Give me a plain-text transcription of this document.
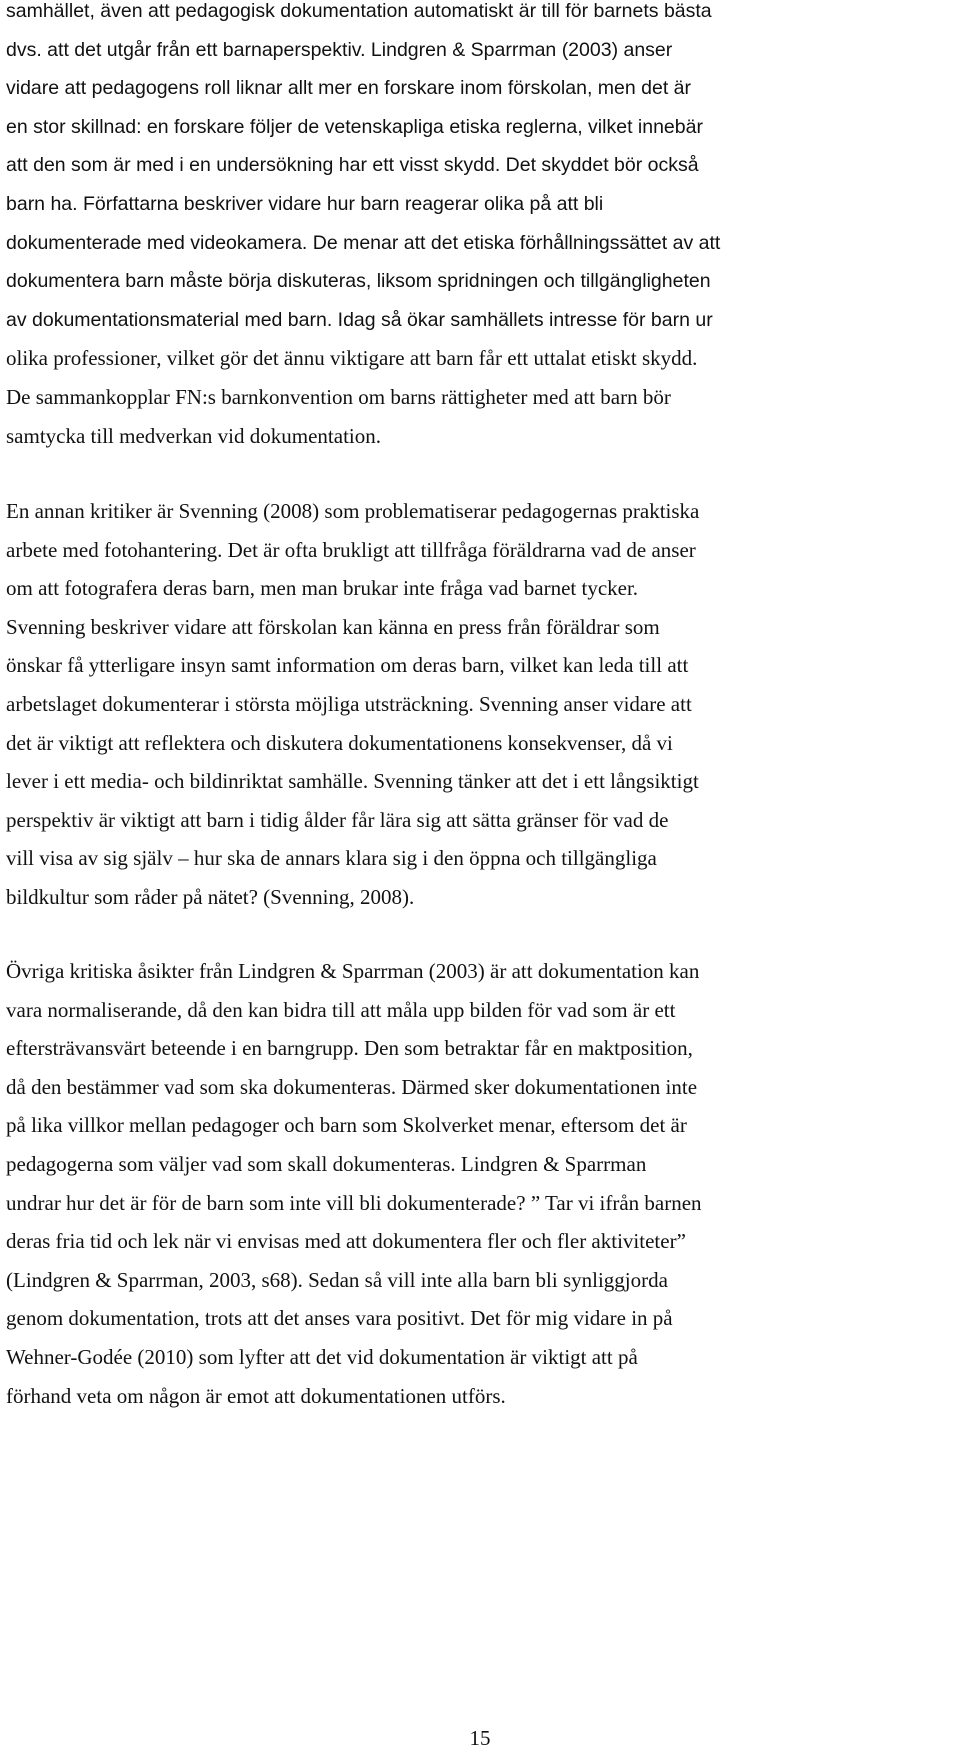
samhället, även att pedagogisk dokumentation automatiskt är till för barnets bästa
dvs. att det utgår från ett barnaperspektiv. Lindgren & Sparrman (2003) anser
vidare att pedagogens roll liknar allt mer en forskare inom förskolan, men det är
en stor skillnad: en forskare följer de vetenskapliga etiska reglerna, vilket innebär
att den som är med i en undersökning har ett visst skydd. Det skyddet bör också
barn ha. Författarna beskriver vidare hur barn reagerar olika på att bli
dokumenterade med videokamera. De menar att det etiska förhållningssättet av att
dokumentera barn måste börja diskuteras, liksom spridningen och tillgängligheten
av dokumentationsmaterial med barn. Idag så ökar samhällets intresse för barn ur
olika professioner, vilket gör det ännu viktigare att barn får ett uttalat etiskt skydd.
De sammankopplar FN:s barnkonvention om barns rättigheter med att barn bör
samtycka till medverkan vid dokumentation.

En annan kritiker är Svenning (2008) som problematiserar pedagogernas praktiska
arbete med fotohantering. Det är ofta brukligt att tillfråga föräldrarna vad de anser
om att fotografera deras barn, men man brukar inte fråga vad barnet tycker.
Svenning beskriver vidare att förskolan kan känna en press från föräldrar som
önskar få ytterligare insyn samt information om deras barn, vilket kan leda till att
arbetslaget dokumenterar i största möjliga utsträckning. Svenning anser vidare att
det är viktigt att reflektera och diskutera dokumentationens konsekvenser, då vi
lever i ett media- och bildinriktat samhälle. Svenning tänker att det i ett långsiktigt
perspektiv är viktigt att barn i tidig ålder får lära sig att sätta gränser för vad de
vill visa av sig själv – hur ska de annars klara sig i den öppna och tillgängliga
bildkultur som råder på nätet? (Svenning, 2008).

Övriga kritiska åsikter från Lindgren & Sparrman (2003) är att dokumentation kan
vara normaliserande, då den kan bidra till att måla upp bilden för vad som är ett
eftersträvansvärt beteende i en barngrupp. Den som betraktar får en maktposition,
då den bestämmer vad som ska dokumenteras. Därmed sker dokumentationen inte
på lika villkor mellan pedagoger och barn som Skolverket menar, eftersom det är
pedagogerna som väljer vad som skall dokumenteras. Lindgren & Sparrman
undrar hur det är för de barn som inte vill bli dokumenterade? ” Tar vi ifrån barnen
deras fria tid och lek när vi envisas med att dokumentera fler och fler aktiviteter”
(Lindgren & Sparrman, 2003, s68). Sedan så vill inte alla barn bli synliggjorda
genom dokumentation, trots att det anses vara positivt. Det för mig vidare in på
Wehner-Godée (2010) som lyfter att det vid dokumentation är viktigt att på
förhand veta om någon är emot att dokumentationen utförs.

15
